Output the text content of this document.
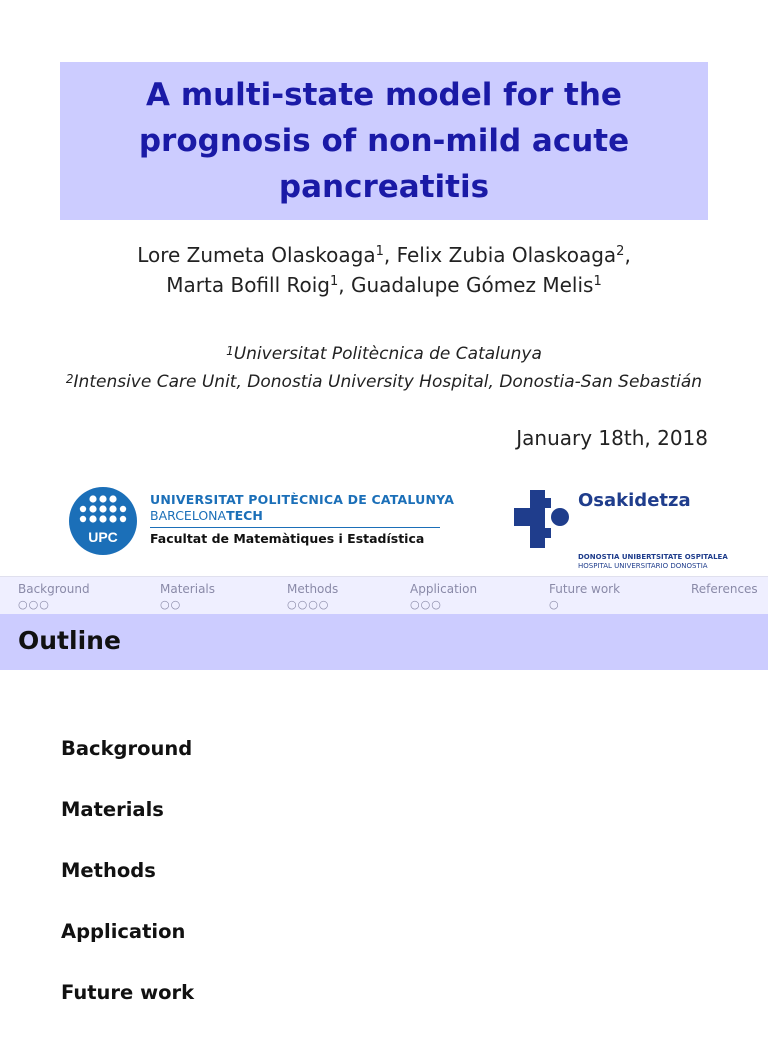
A multi-state model for the
prognosis of non-mild acute
pancreatitis
Lore Zumeta Olaskoaga$^1$, Felix Zubia Olaskoaga$^2$,
Marta Bofill Roig$^1$, Guadalupe Gómez Melis$^1$
$^1$Universitat Politècnica de Catalunya
$^2$Intensive Care Unit, Donostia University Hospital, Donostia-San Sebastián
January 18th, 2018
UPC
UNIVERSITAT POLITÈCNICA DE CATALUNYA
BARCELONATECH
Facultat de Matemàtiques i Estadística
Osakidetza
DONOSTIA UNIBERTSITATE OSPITALEA
HOSPITAL UNIVERSITARIO DONOSTIA
Background
○○○
Materials
○○
Methods
○○○○
Application
○○○
Future work
○
References
Outline
Background
Materials
Methods
Application
Future work
